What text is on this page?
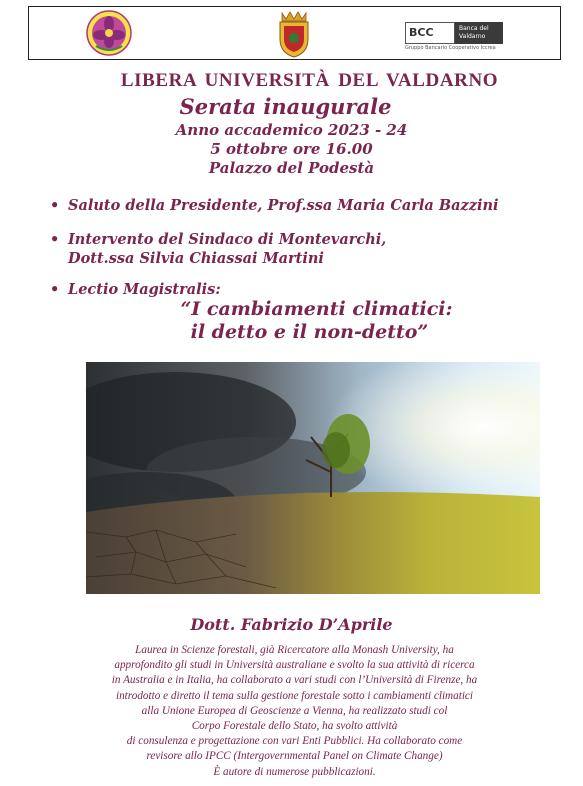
BCC	Banca del Valdarno
Gruppo Bancario Cooperativo Iccrea
LIBERA UNIVERSITÀ DEL VALDARNO
Serata inaugurale
Anno accademico 2023 - 24
5 ottobre ore 16.00
Palazzo del Podestà
• Saluto della Presidente, Prof.ssa Maria Carla Bazzini
• Intervento del Sindaco di Montevarchi,
Dott.ssa Silvia Chiassai Martini
• Lectio Magistralis:
“I cambiamenti climatici:
il detto e il non-detto”
Dott. Fabrizio D’Aprile
Laurea in Scienze forestali, già Ricercatore alla Monash University, ha
approfondito gli studi in Università australiane e svolto la sua attività di ricerca
in Australia e in Italia, ha collaborato a vari studi con l’Università di Firenze, ha
introdotto e diretto il tema sulla gestione forestale sotto i cambiamenti climatici
alla Unione Europea di Geoscienze a Vienna, ha realizzato studi col
Corpo Forestale dello Stato, ha svolto attività
di consulenza e progettazione con vari Enti Pubblici. Ha collaborato come
revisore allo IPCC (Intergovernmental Panel on Climate Change)
È autore di numerose pubblicazioni.
